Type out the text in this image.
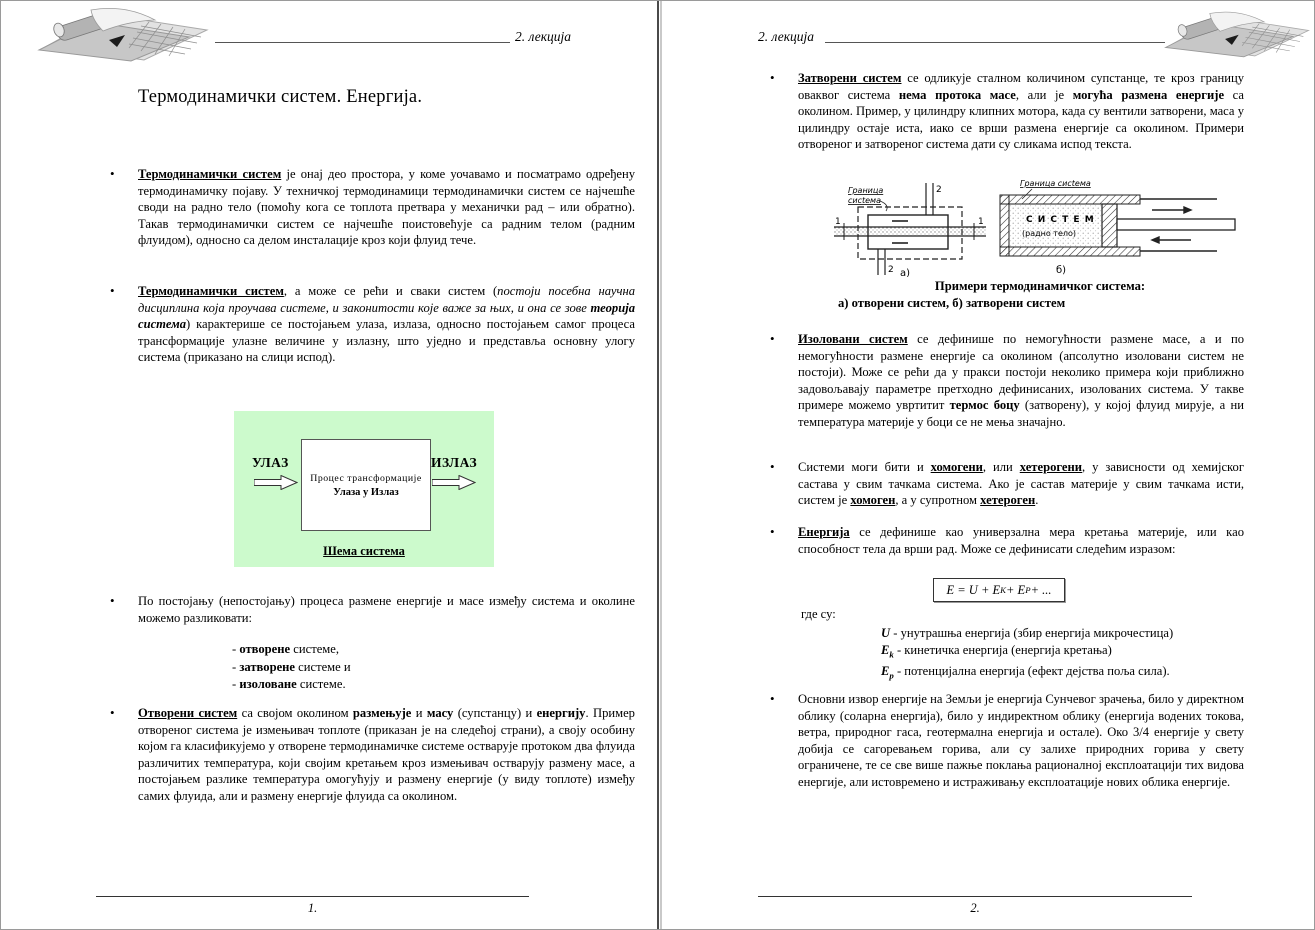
2. лекција
Термодинамички систем. Енергија.
• Термодинамички систем је онај део простора, у коме уочавамо и посматрамо одређену термодинамичку појаву. У техничкој термодинамици термодинамички систем се најчешће своди на радно тело (помоћу кога се топлота претвара у механички рад – или обратно). Такав термодинамички систем се најчешће поистовећује са радним телом (радним флуидом), односно са делом инсталације кроз који флуид тече.
• Термодинамички систем, а може се рећи и сваки систем (постоји посебна научна дисциплина која проучава системе, и законитости које важе за њих, и она се зове теорија система) карактерише се постојањем улаза, излаза, односно постојањем самог процеса трансформације улазне величине у излазну, што уједно и представља основну улогу система (приказано на слици испод).
Процес трансформације
Улаза у Излаз
УЛАЗ	ИЗЛАЗ
Шема система
• По постојању (непостојању) процеса размене енергије и масе између система и околине можемо разликовати:
- отворене системе,
- затворене системе и
- изоловане системе.
• Отворени систем са својом околином размењује и масу (супстанцу) и енергију. Пример отвореног система је измењивач топлоте (приказан је на следећој страни), а своју особину којом га класификујемо у отворене термодинамичке системе остварује протоком два флуида различитих температура, који својим кретањем кроз измењивач остварују размену масе, а постојањем разлике температура омогућују и размену енергије (у виду топлоте) између самих флуида, али и размену енергије флуида са околином.
1.
2. лекција
• Затворени систем се одликује сталном количином супстанце, те кроз границу оваквог система нема протока масе, али је могућа размена енергије са околином. Пример, у цилиндру клипних мотора, када су вентили затворени, маса у цилиндру остаје иста, иако се врши размена енергије са околином. Примери отвореног и затвореног система дати су сликама испод текста.
Граница
сисtема
1	1
2
2 а)
Граница сисtема
С И С Т Е М
(радно тело)
б)
Примери термодинамичког система:
а) отворени систем, б) затворени систем
• Изоловани систем се дефинише по немогућности размене масе, а и по немогућности размене енергије са околином (апсолутно изоловани систем не постоји). Може се рећи да у пракси постоји неколико примера који приближно задовољавају параметре претходно дефинисаних, изолованих система. У такве примере можемо увртитит термос боцу (затворену), у којој флуид мирује, а ни температура материје у боци се не мења значајно.
• Системи моги бити и хомогени, или хетерогени, у зависности од хемијског састава у свим тачкама система. Ако је састав материје у свим тачкама исти, систем је хомоген, а у супротном хетероген.
• Енергија се дефинише као универзална мера кретања материје, или као способност тела да врши рад. Може се дефинисати следећим изразом:
E = U + E K + E P + ...
где су:
U - унутрашња енергија (збир енергија микрочестица)
$E_k$ - кинетичка енергија (енергија кретања)
$E_p$ - потенцијална енергија (ефект дејства поља сила).
• Основни извор енергије на Земљи је енергија Сунчевог зрачења, било у директном облику (соларна енергија), било у индиректном облику (енергија водених токова, ветра, природног гаса, геотермална енергија и остале). Око 3/4 енергије у свету добија се сагоревањем горива, али су залихе природних горива у свету ограничене, те се све више пажње поклања рационалној експлоатацији тих видова енергије, али истовремено и истраживању експлоатације нових облика енергије.
2.
